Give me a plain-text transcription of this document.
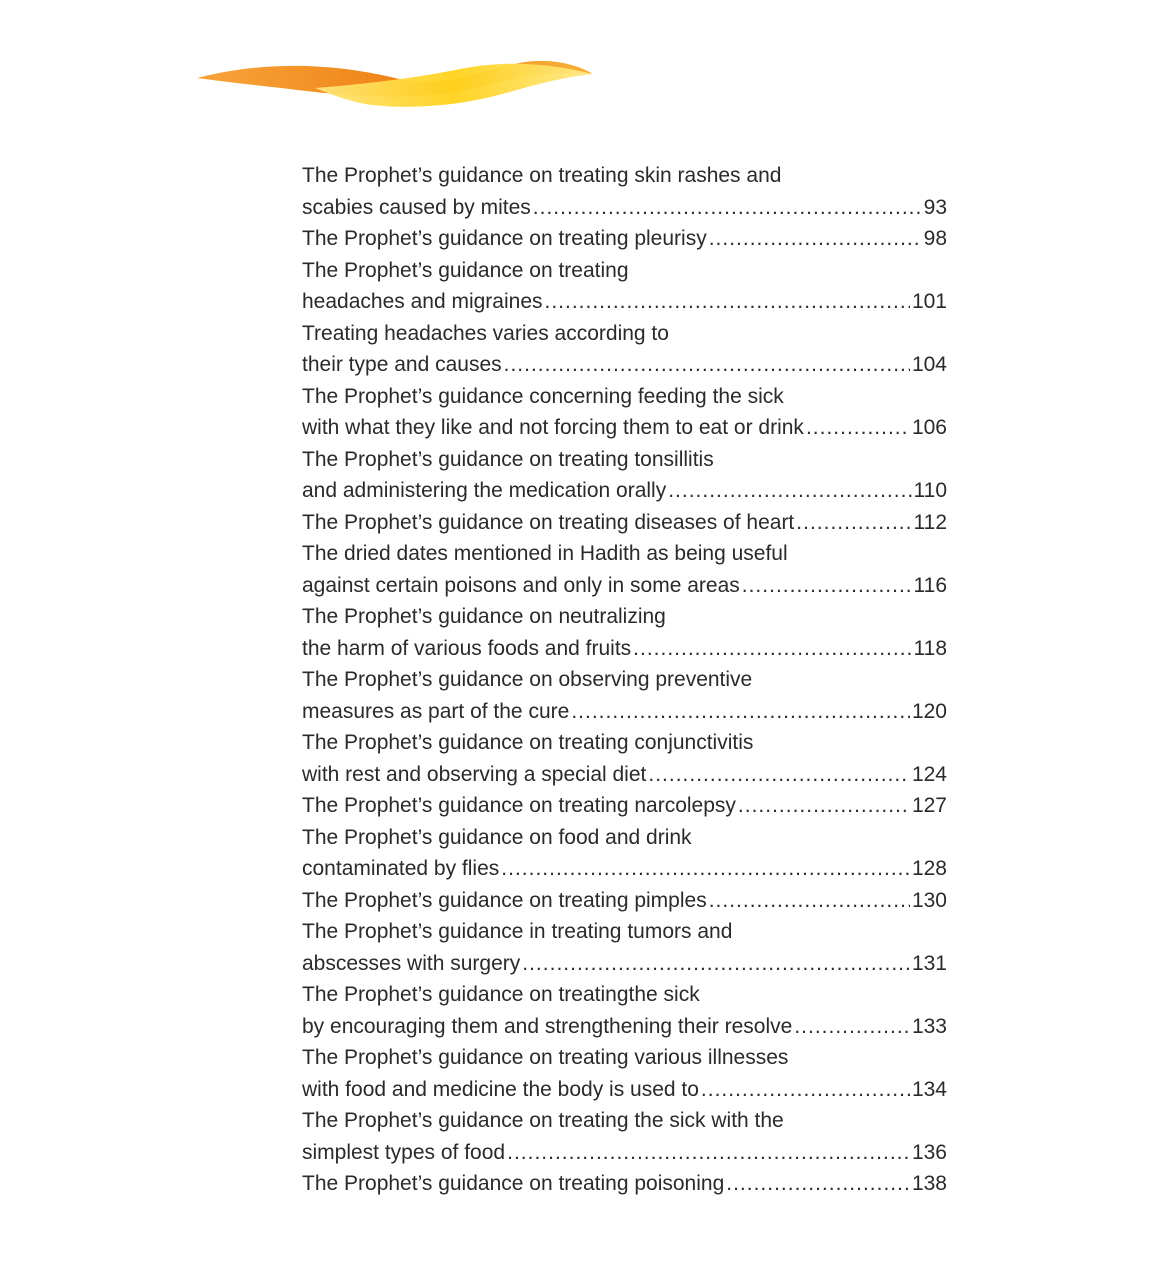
The Prophet’s guidance on treating skin rashes and
scabies caused by mites .....	93
The Prophet’s guidance on treating pleurisy .....	98
The Prophet’s guidance on treating
headaches and migraines .....	101
Treating headaches varies according to
their type and causes .....	104
The Prophet’s guidance concerning feeding the sick
with what they like and not forcing them to eat or drink .....	106
The Prophet’s guidance on treating tonsillitis
and administering the medication orally .....	110
The Prophet’s guidance on treating diseases of heart .....	112
The dried dates mentioned in Hadith as being useful
against certain poisons and only in some areas .....	116
The Prophet’s guidance on neutralizing
the harm of various foods and fruits .....	118
The Prophet’s guidance on observing preventive
measures as part of the cure .....	120
The Prophet’s guidance on treating conjunctivitis
with rest and observing a special diet .....	124
The Prophet’s guidance on treating narcolepsy .....	127
The Prophet’s guidance on food and drink
contaminated by flies .....	128
The Prophet’s guidance on treating pimples .....	130
The Prophet’s guidance in treating tumors and
abscesses with surgery .....	131
The Prophet’s guidance on treatingthe sick
by encouraging them and strengthening their resolve .....	133
The Prophet’s guidance on treating various illnesses
with food and medicine the body is used to .....	134
The Prophet’s guidance on treating the sick with the
simplest types of food .....	136
The Prophet’s guidance on treating poisoning .....	138
